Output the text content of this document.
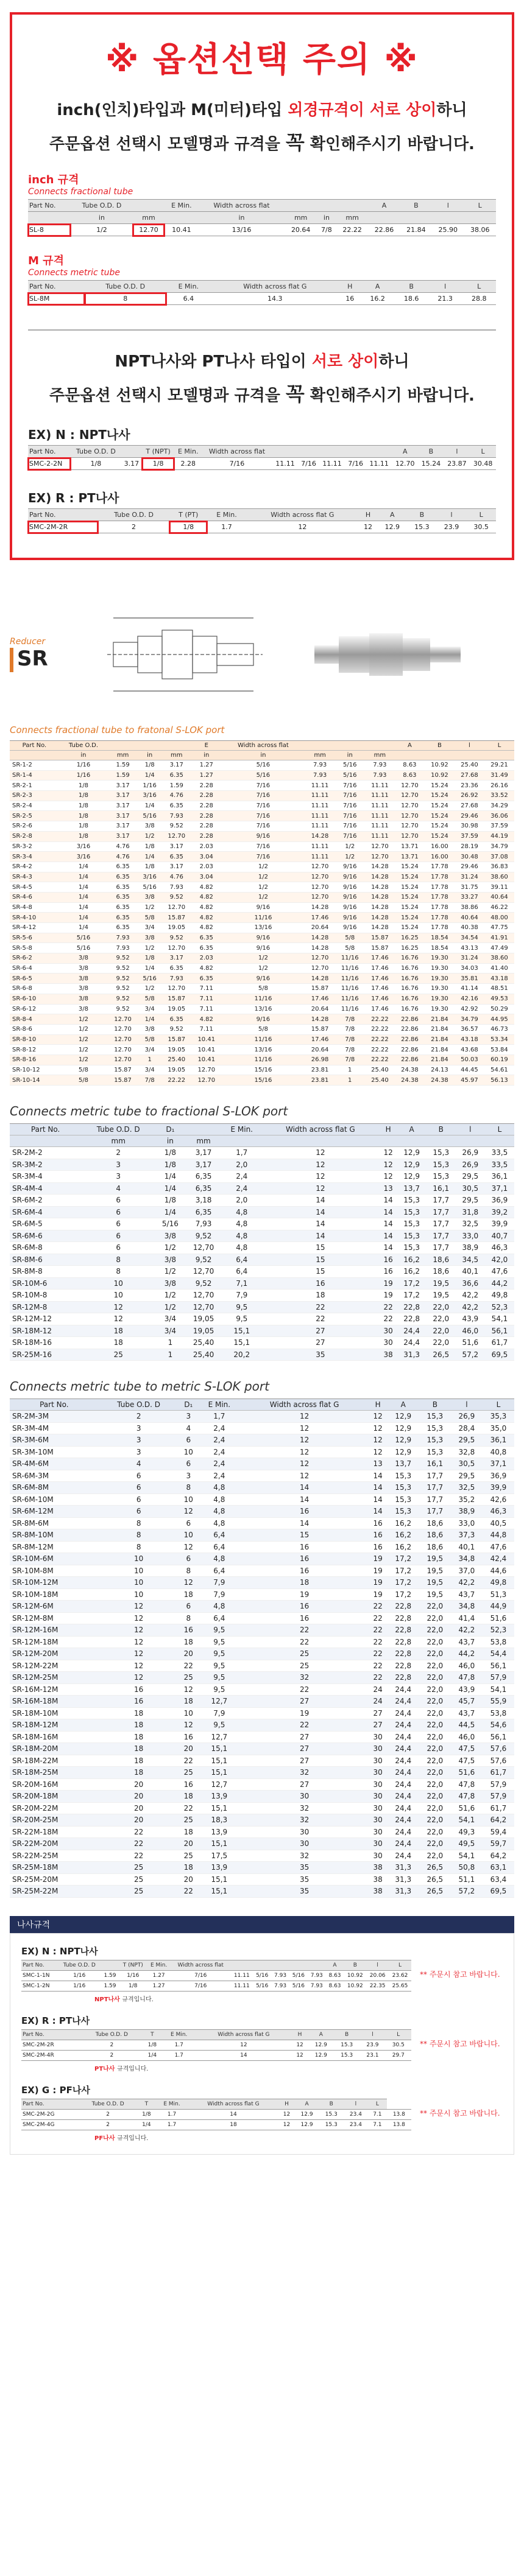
※ 옵션선택 주의 ※

inch(인치)타입과 M(미터)타입 외경규격이 서로 상이하니

주문옵션 선택시 모델명과 규격을 꼭 확인해주시기 바랍니다.

inch 규격
Connects fractional tube
Part No.	Tube O.D. D		E Min.	Width across flat				A	B	l	L
	in	mm		in	mm	in	mm				
SL-8	1/2	12.70	10.41	13/16	20.64	7/8	22.22	22.86	21.84	25.90	38.06
M 규격
Connects metric tube
Part No.	Tube O.D. D	E Min.	Width across flat G	H	A	B	l	L
SL-8M	8	6.4	14.3	16	16.2	18.6	21.3	28.8

NPT나사와 PT나사 타입이 서로 상이하니

주문옵션 선택시 모델명과 규격을 꼭 확인해주시기 바랍니다.

EX) N : NPT나사
Part No.	Tube O.D. D		T (NPT)	E Min.	Width across flat						A	B	l	L
SMC-2-2N	1/8	3.17	1/8	2.28	7/16	11.11	7/16	11.11	7/16	11.11	12.70	15.24	23.87	30.48
EX) R : PT나사
Part No.	Tube O.D. D	T (PT)	E Min.	Width across flat G	H	A	B	l	L
SMC-2M-2R	2	1/8	1.7	12	12	12.9	15.3	23.9	30.5
Reducer
SR
Connects fractional tube to fratonal S-LOK port
Part No.	Tube O.D.				E	Width across flat				A	B	l	L
	in	mm	in	mm	in	in	mm	in	mm				
SR-1-2	1/16	1.59	1/8	3.17	1.27	5/16	7.93	5/16	7.93	8.63	10.92	25.40	29.21
SR-1-4	1/16	1.59	1/4	6.35	1.27	5/16	7.93	5/16	7.93	8.63	10.92	27.68	31.49
SR-2-1	1/8	3.17	1/16	1.59	2.28	7/16	11.11	7/16	11.11	12.70	15.24	23.36	26.16
SR-2-3	1/8	3.17	3/16	4.76	2.28	7/16	11.11	7/16	11.11	12.70	15.24	26.92	33.52
SR-2-4	1/8	3.17	1/4	6.35	2.28	7/16	11.11	7/16	11.11	12.70	15.24	27.68	34.29
SR-2-5	1/8	3.17	5/16	7.93	2.28	7/16	11.11	7/16	11.11	12.70	15.24	29.46	36.06
SR-2-6	1/8	3.17	3/8	9.52	2.28	7/16	11.11	7/16	11.11	12.70	15.24	30.98	37.59
SR-2-8	1/8	3.17	1/2	12.70	2.28	9/16	14.28	7/16	11.11	12.70	15.24	37.59	44.19
SR-3-2	3/16	4.76	1/8	3.17	2.03	7/16	11.11	1/2	12.70	13.71	16.00	28.19	34.79
SR-3-4	3/16	4.76	1/4	6.35	3.04	7/16	11.11	1/2	12.70	13.71	16.00	30.48	37.08
SR-4-2	1/4	6.35	1/8	3.17	2.03	1/2	12.70	9/16	14.28	15.24	17.78	29.46	36.83
SR-4-3	1/4	6.35	3/16	4.76	3.04	1/2	12.70	9/16	14.28	15.24	17.78	31.24	38.60
SR-4-5	1/4	6.35	5/16	7.93	4.82	1/2	12.70	9/16	14.28	15.24	17.78	31.75	39.11
SR-4-6	1/4	6.35	3/8	9.52	4.82	1/2	12.70	9/16	14.28	15.24	17.78	33.27	40.64
SR-4-8	1/4	6.35	1/2	12.70	4.82	9/16	14.28	9/16	14.28	15.24	17.78	38.86	46.22
SR-4-10	1/4	6.35	5/8	15.87	4.82	11/16	17.46	9/16	14.28	15.24	17.78	40.64	48.00
SR-4-12	1/4	6.35	3/4	19.05	4.82	13/16	20.64	9/16	14.28	15.24	17.78	40.38	47.75
SR-5-6	5/16	7.93	3/8	9.52	6.35	9/16	14.28	5/8	15.87	16.25	18.54	34.54	41.91
SR-5-8	5/16	7.93	1/2	12.70	6.35	9/16	14.28	5/8	15.87	16.25	18.54	43.13	47.49
SR-6-2	3/8	9.52	1/8	3.17	2.03	1/2	12.70	11/16	17.46	16.76	19.30	31.24	38.60
SR-6-4	3/8	9.52	1/4	6.35	4.82	1/2	12.70	11/16	17.46	16.76	19.30	34.03	41.40
SR-6-5	3/8	9.52	5/16	7.93	6.35	9/16	14.28	11/16	17.46	16.76	19.30	35.81	43.18
SR-6-8	3/8	9.52	1/2	12.70	7.11	5/8	15.87	11/16	17.46	16.76	19.30	41.14	48.51
SR-6-10	3/8	9.52	5/8	15.87	7.11	11/16	17.46	11/16	17.46	16.76	19.30	42.16	49.53
SR-6-12	3/8	9.52	3/4	19.05	7.11	13/16	20.64	11/16	17.46	16.76	19.30	42.92	50.29
SR-8-4	1/2	12.70	1/4	6.35	4.82	9/16	14.28	7/8	22.22	22.86	21.84	34.79	44.95
SR-8-6	1/2	12.70	3/8	9.52	7.11	5/8	15.87	7/8	22.22	22.86	21.84	36.57	46.73
SR-8-10	1/2	12.70	5/8	15.87	10.41	11/16	17.46	7/8	22.22	22.86	21.84	43.18	53.34
SR-8-12	1/2	12.70	3/4	19.05	10.41	13/16	20.64	7/8	22.22	22.86	21.84	43.68	53.84
SR-8-16	1/2	12.70	1	25.40	10.41	11/16	26.98	7/8	22.22	22.86	21.84	50.03	60.19
SR-10-12	5/8	15.87	3/4	19.05	12.70	15/16	23.81	1	25.40	24.38	24.13	44.45	54.61
SR-10-14	5/8	15.87	7/8	22.22	12.70	15/16	23.81	1	25.40	24.38	24.38	45.97	56.13
Connects metric tube to fractional S-LOK port
Part No.	Tube O.D. D	D₁		E Min.	Width across flat G	H	A	B	l	L
	mm	in	mm							
SR-2M-2	2	1/8	3,17	1,7	12	12	12,9	15,3	26,9	33,5
SR-3M-2	3	1/8	3,17	2,0	12	12	12,9	15,3	26,9	33,5
SR-3M-4	3	1/4	6,35	2,4	12	12	12,9	15,3	29,5	36,1
SR-4M-4	4	1/4	6,35	2,4	12	13	13,7	16,1	30,5	37,1
SR-6M-2	6	1/8	3,18	2,0	14	14	15,3	17,7	29,5	36,9
SR-6M-4	6	1/4	6,35	4,8	14	14	15,3	17,7	31,8	39,2
SR-6M-5	6	5/16	7,93	4,8	14	14	15,3	17,7	32,5	39,9
SR-6M-6	6	3/8	9,52	4,8	14	14	15,3	17,7	33,0	40,7
SR-6M-8	6	1/2	12,70	4,8	15	14	15,3	17,7	38,9	46,3
SR-8M-6	8	3/8	9,52	6,4	15	16	16,2	18,6	34,5	42,0
SR-8M-8	8	1/2	12,70	6,4	15	16	16,2	18,6	40,1	47,6
SR-10M-6	10	3/8	9,52	7,1	16	19	17,2	19,5	36,6	44,2
SR-10M-8	10	1/2	12,70	7,9	18	19	17,2	19,5	42,2	49,8
SR-12M-8	12	1/2	12,70	9,5	22	22	22,8	22,0	42,2	52,3
SR-12M-12	12	3/4	19,05	9,5	22	22	22,8	22,0	43,9	54,1
SR-18M-12	18	3/4	19,05	15,1	27	30	24,4	22,0	46,0	56,1
SR-18M-16	18	1	25,40	15,1	27	30	24,4	22,0	51,6	61,7
SR-25M-16	25	1	25,40	20,2	35	38	31,3	26,5	57,2	69,5
Connects metric tube to metric S-LOK port
Part No.	Tube O.D. D	D₁	E Min.	Width across flat G	H	A	B	l	L
SR-2M-3M	2	3	1,7	12	12	12,9	15,3	26,9	35,3
SR-3M-4M	3	4	2,4	12	12	12,9	15,3	28,4	35,0
SR-3M-6M	3	6	2,4	12	12	12,9	15,3	29,5	36,1
SR-3M-10M	3	10	2,4	12	12	12,9	15,3	32,8	40,8
SR-4M-6M	4	6	2,4	12	13	13,7	16,1	30,5	37,1
SR-6M-3M	6	3	2,4	12	14	15,3	17,7	29,5	36,9
SR-6M-8M	6	8	4,8	14	14	15,3	17,7	32,5	39,9
SR-6M-10M	6	10	4,8	14	14	15,3	17,7	35,2	42,6
SR-6M-12M	6	12	4,8	16	14	15,3	17,7	38,9	46,3
SR-8M-6M	8	6	4,8	14	16	16,2	18,6	33,0	40,5
SR-8M-10M	8	10	6,4	15	16	16,2	18,6	37,3	44,8
SR-8M-12M	8	12	6,4	16	16	16,2	18,6	40,1	47,6
SR-10M-6M	10	6	4,8	16	19	17,2	19,5	34,8	42,4
SR-10M-8M	10	8	6,4	16	19	17,2	19,5	37,0	44,6
SR-10M-12M	10	12	7,9	18	19	17,2	19,5	42,2	49,8
SR-10M-18M	10	18	7,9	19	19	17,2	19,5	43,7	51,3
SR-12M-6M	12	6	4,8	16	22	22,8	22,0	34,8	44,9
SR-12M-8M	12	8	6,4	16	22	22,8	22,0	41,4	51,6
SR-12M-16M	12	16	9,5	22	22	22,8	22,0	42,2	52,3
SR-12M-18M	12	18	9,5	22	22	22,8	22,0	43,7	53,8
SR-12M-20M	12	20	9,5	25	22	22,8	22,0	44,2	54,4
SR-12M-22M	12	22	9,5	25	22	22,8	22,0	46,0	56,1
SR-12M-25M	12	25	9,5	32	22	22,8	22,0	47,8	57,9
SR-16M-12M	16	12	9,5	22	24	24,4	22,0	43,9	54,1
SR-16M-18M	16	18	12,7	27	24	24,4	22,0	45,7	55,9
SR-18M-10M	18	10	7,9	19	27	24,4	22,0	43,7	53,8
SR-18M-12M	18	12	9,5	22	27	24,4	22,0	44,5	54,6
SR-18M-16M	18	16	12,7	27	30	24,4	22,0	46,0	56,1
SR-18M-20M	18	20	15,1	27	30	24,4	22,0	47,5	57,6
SR-18M-22M	18	22	15,1	27	30	24,4	22,0	47,5	57,6
SR-18M-25M	18	25	15,1	32	30	24,4	22,0	51,6	61,7
SR-20M-16M	20	16	12,7	27	30	24,4	22,0	47,8	57,9
SR-20M-18M	20	18	13,9	30	30	24,4	22,0	47,8	57,9
SR-20M-22M	20	22	15,1	32	30	24,4	22,0	51,6	61,7
SR-20M-25M	20	25	18,3	32	30	24,4	22,0	54,1	64,2
SR-22M-18M	22	18	13,9	30	30	24,4	22,0	49,3	59,4
SR-22M-20M	22	20	15,1	30	30	24,4	22,0	49,5	59,7
SR-22M-25M	22	25	17,5	32	30	24,4	22,0	54,1	64,2
SR-25M-18M	25	18	13,9	35	38	31,3	26,5	50,8	63,1
SR-25M-20M	25	20	15,1	35	38	31,3	26,5	51,1	63,4
SR-25M-22M	25	22	15,1	35	38	31,3	26,5	57,2	69,5
나사규격
EX) N : NPT나사
Part No.	Tube O.D. D		T (NPT)	E Min.	Width across flat						A	B	l	L
SMC-1-1N	1/16	1.59	1/16	1.27	7/16	11.11	5/16	7.93	5/16	7.93	8.63	10.92	20.06	23.62
SMC-1-2N	1/16	1.59	1/8	1.27	7/16	11.11	5/16	7.93	5/16	7.93	8.63	10.92	22.35	25.65
** 주문시 참고 바랍니다.
NPT나사 규격입니다.
EX) R : PT나사
Part No.	Tube O.D. D	T	E Min.	Width across flat G	H	A	B	l	L
SMC-2M-2R	2	1/8	1.7	12	12	12.9	15.3	23.9	30.5
SMC-2M-4R	2	1/4	1.7	14	12	12.9	15.3	23.1	29.7
** 주문시 참고 바랍니다.
PT나사 규격입니다.
EX) G : PF나사
Part No.	Tube O.D. D	T	E Min.	Width across flat G	H	A	B	l	L	
SMC-2M-2G	2	1/8	1.7	14	12	12.9	15.3	23.4	7.1	13.8
SMC-2M-4G	2	1/4	1.7	18	12	12.9	15.3	23.4	7.1	13.8
** 주문시 참고 바랍니다.
PF나사 규격입니다.
